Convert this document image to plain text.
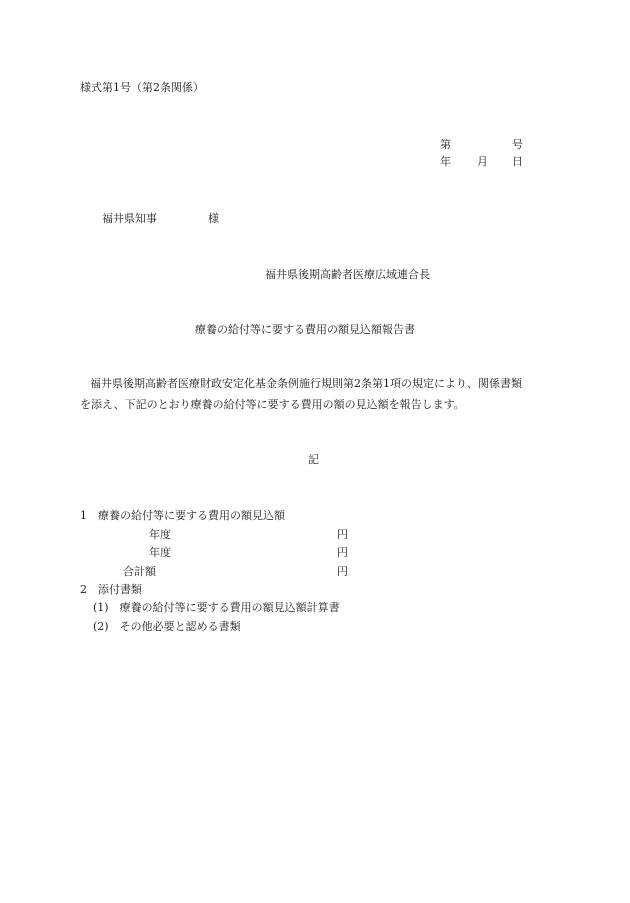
様式第1号（第2条関係）
第	号
年 月 日
福井県知事	様
福井県後期高齢者医療広域連合長
療養の給付等に要する費用の額見込額報告書
福井県後期高齢者医療財政安定化基金条例施行規則第2条第1項の規定により、関係書類
を添え、下記のとおり療養の給付等に要する費用の額の見込額を報告します。
記
1　療養の給付等に要する費用の額見込額
年度	円
年度	円
合計額	円
2　添付書類
(1)　療養の給付等に要する費用の額見込額計算書
(2)　その他必要と認める書類
